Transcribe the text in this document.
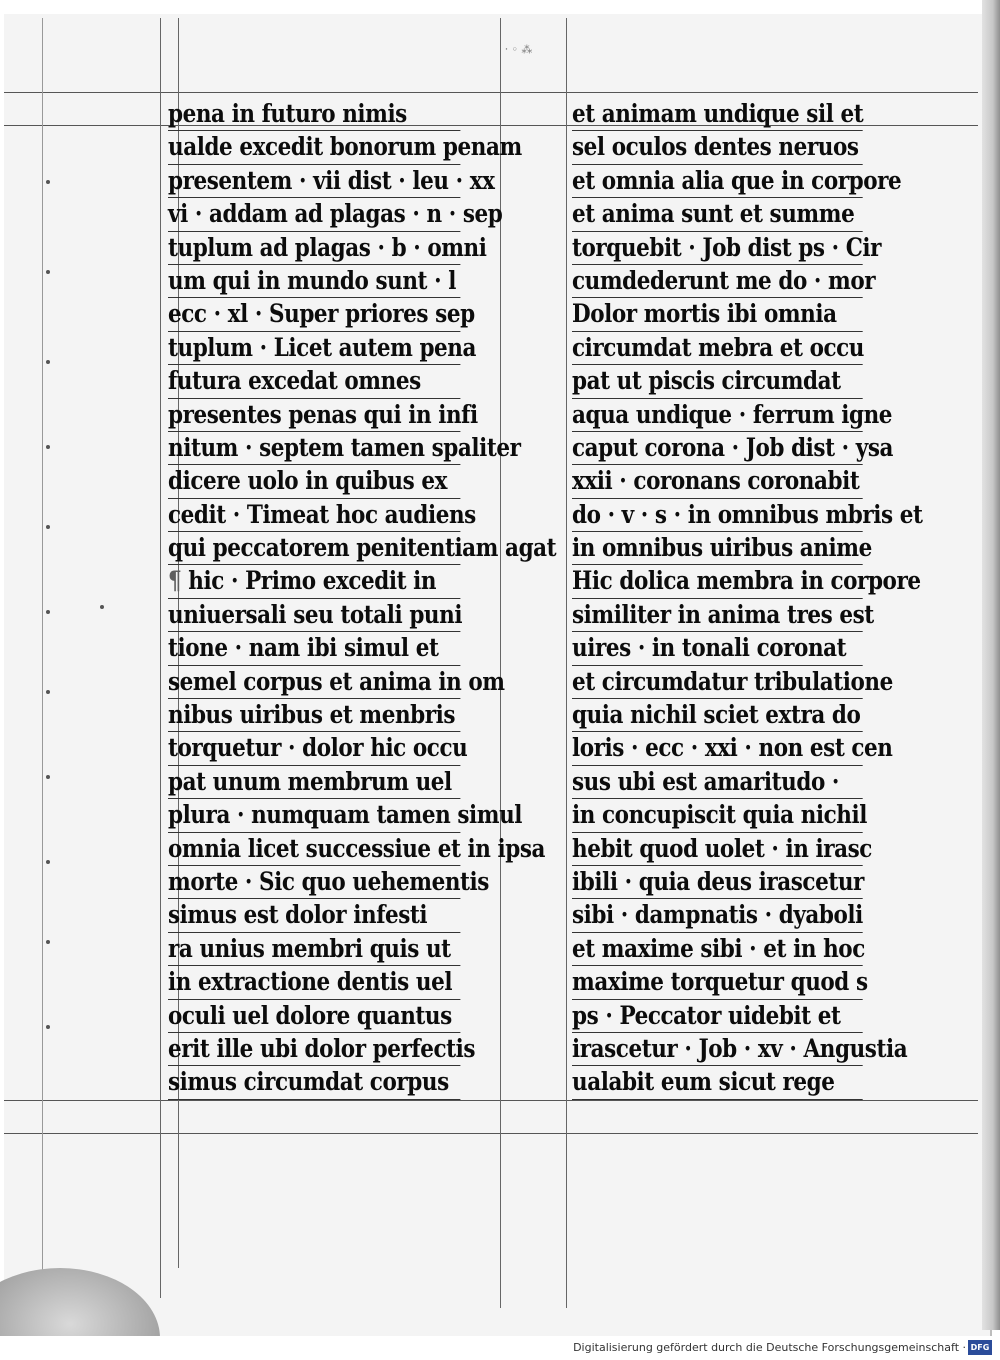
⸱ ◦ ⁂
pena in futuro nimis
ualde excedit bonorum penam
presentem · vii dist · leu · xx
vi · addam ad plagas · n · sep
tuplum ad plagas · b · omni
um qui in mundo sunt · l
ecc · xl · Super priores sep
tuplum · Licet autem pena
futura excedat omnes
presentes penas qui in infi
nitum · septem tamen spaliter
dicere uolo in quibus ex
cedit · Timeat hoc audiens
qui peccatorem penitentiam agat
¶ hic · Primo excedit in
uniuersali seu totali puni
tione · nam ibi simul et
semel corpus et anima in om
nibus uiribus et menbris
torquetur · dolor hic occu
pat unum membrum uel
plura · numquam tamen simul
omnia licet successiue et in ipsa
morte · Sic quo uehementis
simus est dolor infesti
ra unius membri quis ut
in extractione dentis uel
oculi uel dolore quantus
erit ille ubi dolor perfectis
simus circumdat corpus
et animam undique sil et
sel oculos dentes neruos
et omnia alia que in corpore
et anima sunt et summe
torquebit · Job dist ps · Cir
cumdederunt me do · mor
Dolor mortis ibi omnia
circumdat mebra et occu
pat ut piscis circumdat
aqua undique · ferrum igne
caput corona · Job dist · ysa
xxii · coronans coronabit
do · v · s · in omnibus mbris et
in omnibus uiribus anime
Hic dolica membra in corpore
similiter in anima tres est
uires · in tonali coronat
et circumdatur tribulatione
quia nichil sciet extra do
loris · ecc · xxi · non est cen
sus ubi est amaritudo ·
in concupiscit quia nichil
hebit quod uolet · in irasc
ibili · quia deus irascetur
sibi · dampnatis · dyaboli
et maxime sibi · et in hoc
maxime torquetur quod s
ps · Peccator uidebit et
irascetur · Job · xv · Angustia
ualabit eum sicut rege
Digitalisierung gefördert durch die Deutsche Forschungsgemeinschaft · DFG
